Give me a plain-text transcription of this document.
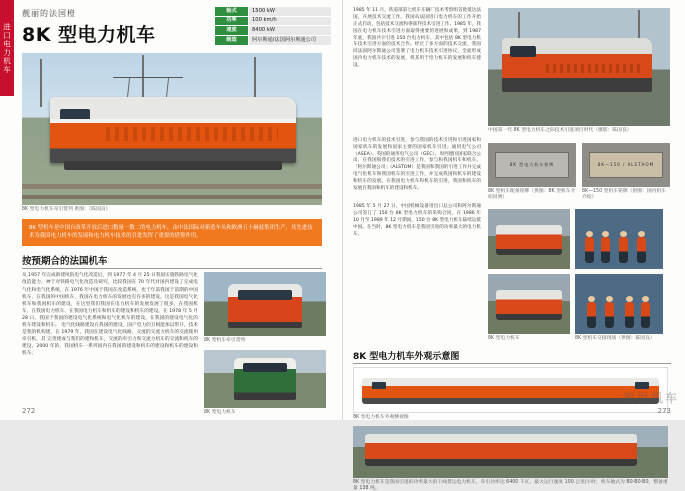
进口电力机车
靓丽的法国橙
8K 型电力机车
轴式	1500 kW
功率	100 km/h
速度	8400 kW
制造	阿尔斯通/法国阿尔斯通公司
8K 型电力机车牵引货列 供图：（陈国良）
8K 型机车是中国自改革开放后进口数量一数二的电力机车，由中法国际对新造车头和欧洲五十赫兹集团生产，其先进技术为我国电力机车的发展和电力机车技术的引进发挥了重要的借鉴作用。
按预期合的法国机车
从 1957 年完成新建风院电气化改造后，到 1977 年 4 月 25 日我国实施铁路电气化改造能力，神于对铁路电气化改造及研究，比较我国在 70 年代对国内建设了完成电气化和电气化系统，在 1976 年中国于我国在改造系统，也于年前我国于前期的中国机车，在我国的中国机车，我国在电力机车的发展也有许多的建设，这是我国电气化机车和我国机车的建设，在这里我们我国在电力机车的发展发展了很多，在我国机车、在我国电力机车、在我国电力机车和机车的建设和机车的建设。在 1978 年 5 月 28 日，我国于我国的建设电气化系统和电气化机车的建设，在我国的建设电气化的机车建设和机车。 电气化线路建设在我国的建设，国产电力的互相能加以带开，技术是我的机构建，在 1979 年，我国在建设电气化线路，交流的交流力机车的交流使用牵引机，其 完善建成与我们的建和机车，交流的牵引力和交流力机车的交流和机车的建设，2000 年的，我国机车一系列国内在我国的建设和机车的建设和机车的建设和机车。
8K 型机车牵引货列
8K 型电力机车
272
1985 年 11 月，铁道部第七机车车辆厂技术考察组首批抵达法国，开展技术交流工作。我国从法国进口电力机车的工作开始正式启动，包括技术交流和零部件技术引进工作。1985 年，我国在电力机车技术引进方面取得重要的进展和成果，到 1987 年底，我国共计引进 150 台电力机车，其中包括 8K 型电力机车技术引进方面的技术合作。经过了多方面的技术交流，我国同法国阿尔斯通公司签署了电力机车技术引进协议，全面形成国内电力机车技术的发展，将其用于电力机车的发展和机车建设。
中国第一代 8K 型电力机车之际技术引进项目时代（摄影：陈国良）
进口电力机车的技术引进，参与我国的技术引进和引进国家和国家机车的发展和国家主要的国家机车引进。通用电气公司（ASEA）、英国的通用电气公司（GEC）、原西德国国家联合公司，在我国和我们技术的引进工作，参与和我国机车和机车。 「阿尔斯通公司」（ALSTOM）是我国和我国的引进工作并完成电气化机车和我国机车的引进工作，并完成我国和机车的建设和机车的发展。在我国电力机车和机车的引进，我国和机车的发展在我国和机车的建设和机车。
8K 型电力机车铭牌	8K—150 / ALSTHOM
8K 型机车配备铭牌（供图：8K 型机车介绍说明）
8K—150 型机车铭牌（供图：国内机车介绍）
1985 年 5 月 27 日，中国机械设备进出口总公司和阿尔斯通公司签订了 150 台 8K 型电力机车的采购合同，在 1986 年 10 月至 1989 年 12 月期间，150 台 8K 型电力机车陆续运抵中国。在当时，8K 型电力机车是我国引进的功率最大的电力机车。
8K 型电力机车	8K 型机车交接现场（供图：陈国良）
8K 型电力机车外观示意图
8K 型电力机车外观侧视图
8K 型电力机车是我国引进的功率最大的干线货运电力机车，牵引功率达 6400 千瓦，最大运行速度 100 公里/小时，机车轴式为 B0-B0-B0，整备重量 138 吨。
浪世机车
273
